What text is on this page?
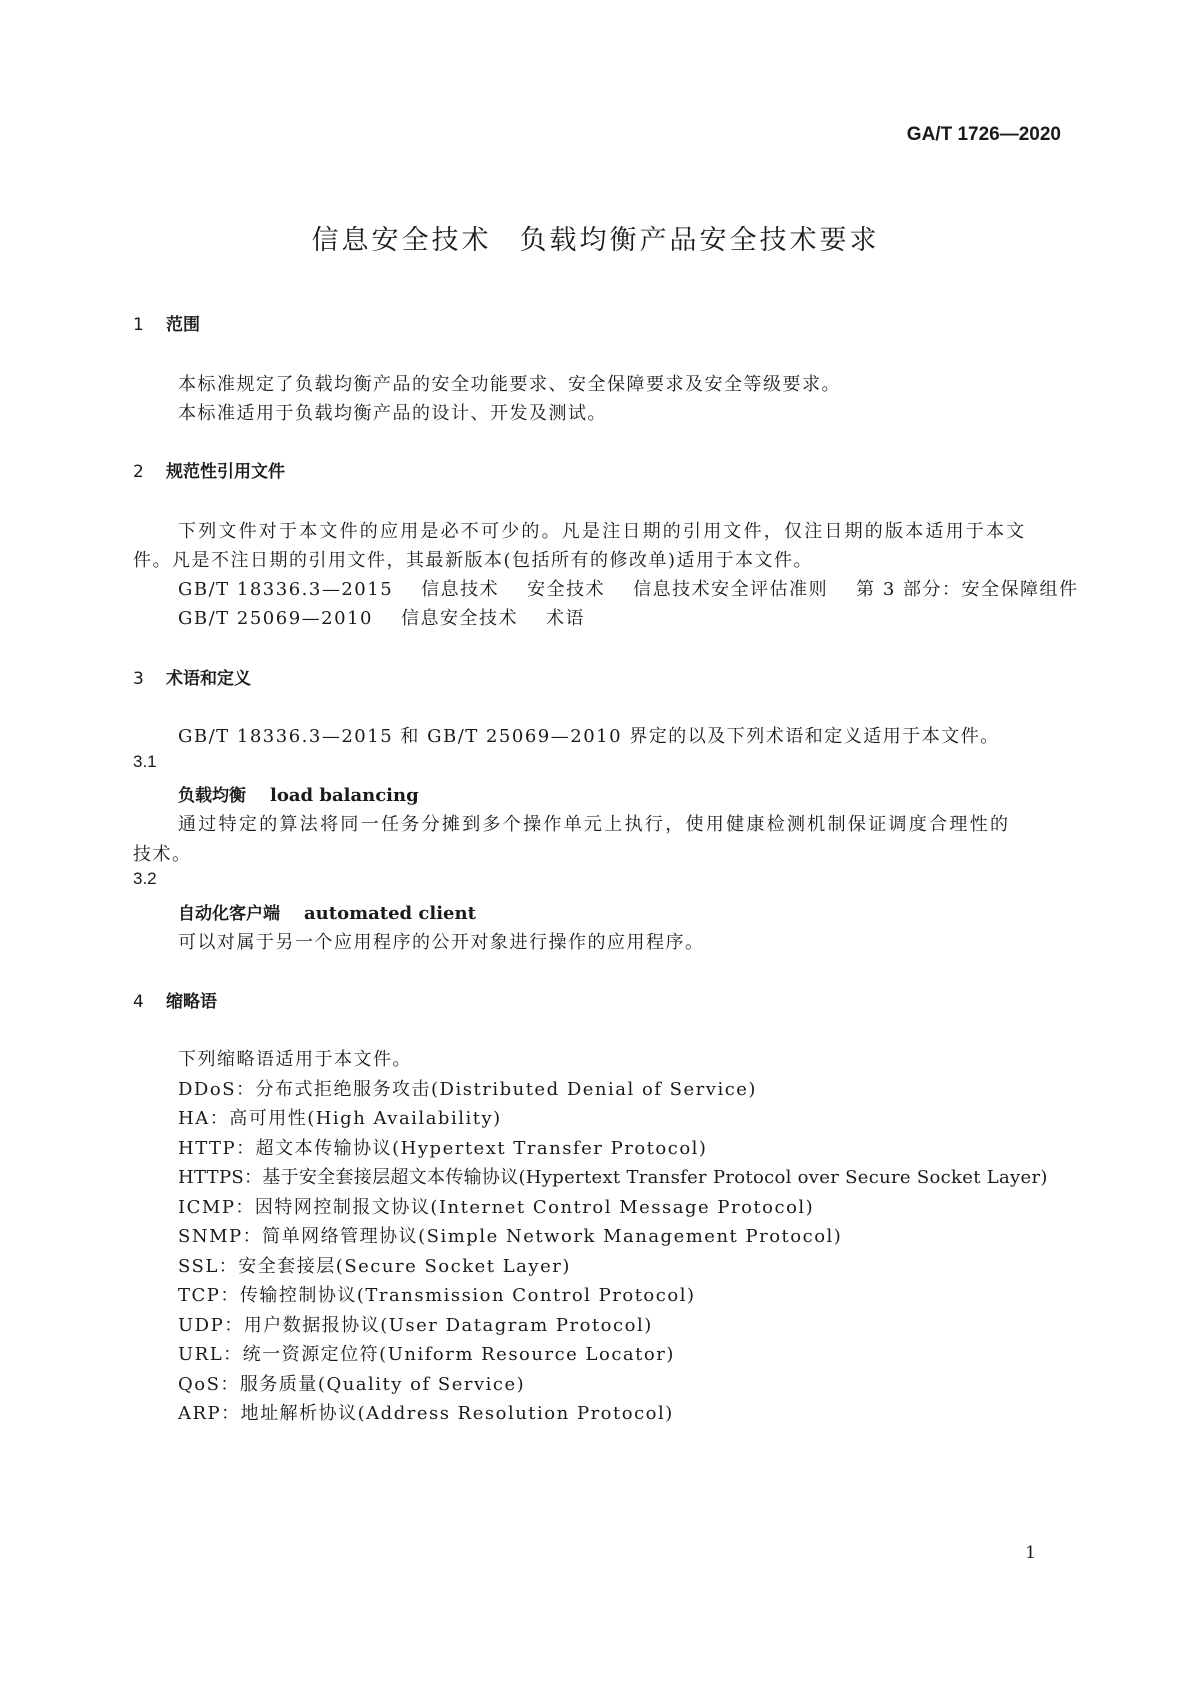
GA/T 1726—2020
信息安全技术 负载均衡产品安全技术要求
1 范围
本标准规定了负载均衡产品的安全功能要求、安全保障要求及安全等级要求。
本标准适用于负载均衡产品的设计、开发及测试。
2 规范性引用文件
下列文件对于本文件的应用是必不可少的。凡是注日期的引用文件，仅注日期的版本适用于本文
件。凡是不注日期的引用文件，其最新版本(包括所有的修改单)适用于本文件。
GB/T 18336.3—2015 信息技术 安全技术 信息技术安全评估准则 第 3 部分：安全保障组件
GB/T 25069—2010 信息安全技术 术语
3 术语和定义
GB/T 18336.3—2015 和 GB/T 25069—2010 界定的以及下列术语和定义适用于本文件。
3.1
负载均衡 load balancing
通过特定的算法将同一任务分摊到多个操作单元上执行，使用健康检测机制保证调度合理性的
技术。
3.2
自动化客户端 automated client
可以对属于另一个应用程序的公开对象进行操作的应用程序。
4 缩略语
下列缩略语适用于本文件。
DDoS：分布式拒绝服务攻击(Distributed Denial of Service)
HA：高可用性(High Availability)
HTTP：超文本传输协议(Hypertext Transfer Protocol)
HTTPS：基于安全套接层超文本传输协议(Hypertext Transfer Protocol over Secure Socket Layer)
ICMP：因特网控制报文协议(Internet Control Message Protocol)
SNMP：简单网络管理协议(Simple Network Management Protocol)
SSL：安全套接层(Secure Socket Layer)
TCP：传输控制协议(Transmission Control Protocol)
UDP：用户数据报协议(User Datagram Protocol)
URL：统一资源定位符(Uniform Resource Locator)
QoS：服务质量(Quality of Service)
ARP：地址解析协议(Address Resolution Protocol)
1
